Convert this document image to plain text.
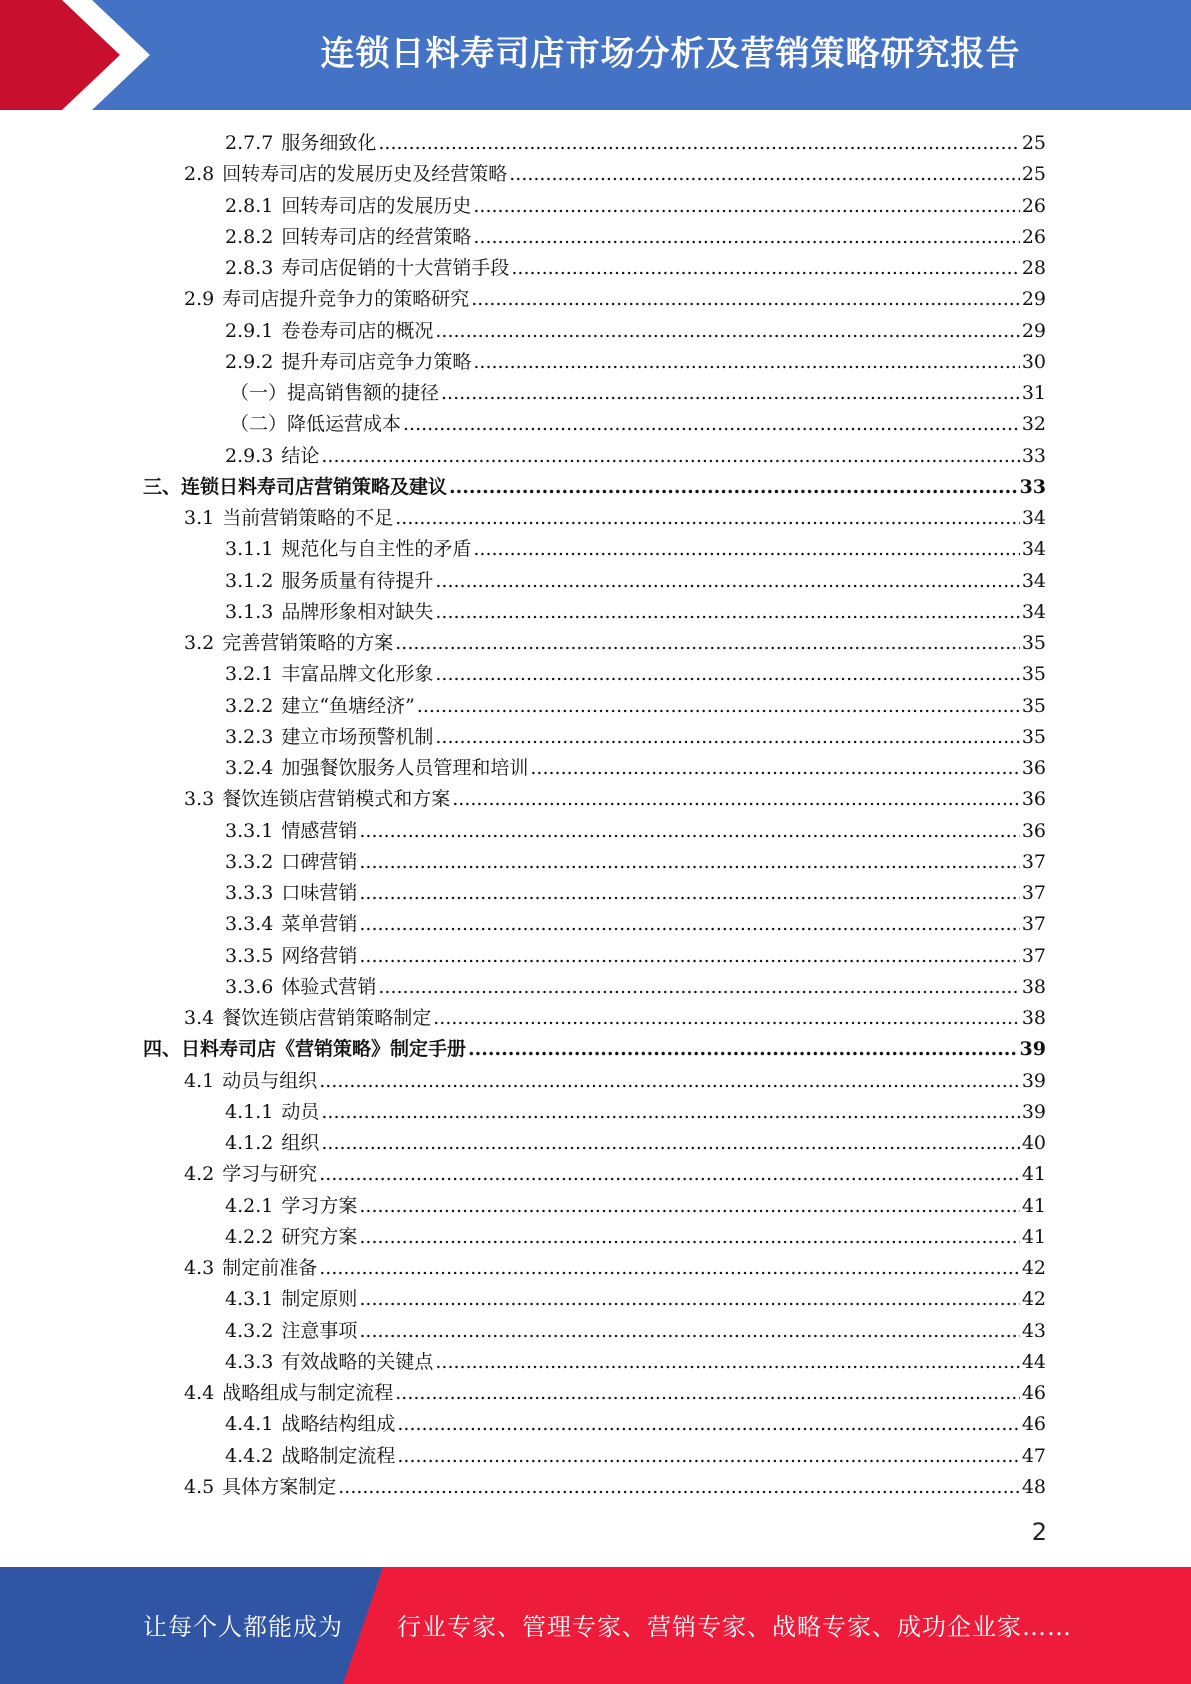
连锁日料寿司店市场分析及营销策略研究报告
2.7.7 服务细致化 .....	25
2.8 回转寿司店的发展历史及经营策略 .....	25
2.8.1 回转寿司店的发展历史 .....	26
2.8.2 回转寿司店的经营策略 .....	26
2.8.3 寿司店促销的十大营销手段 .....	28
2.9 寿司店提升竞争力的策略研究 .....	29
2.9.1 卷卷寿司店的概况 .....	29
2.9.2 提升寿司店竞争力策略 .....	30
（一）提高销售额的捷径 .....	31
（二）降低运营成本 .....	32
2.9.3 结论 .....	33
三、连锁日料寿司店营销策略及建议 .....	33
3.1 当前营销策略的不足 .....	34
3.1.1 规范化与自主性的矛盾 .....	34
3.1.2 服务质量有待提升 .....	34
3.1.3 品牌形象相对缺失 .....	34
3.2 完善营销策略的方案 .....	35
3.2.1 丰富品牌文化形象 .....	35
3.2.2 建立“鱼塘经济” .....	35
3.2.3 建立市场预警机制 .....	35
3.2.4 加强餐饮服务人员管理和培训 .....	36
3.3 餐饮连锁店营销模式和方案 .....	36
3.3.1 情感营销 .....	36
3.3.2 口碑营销 .....	37
3.3.3 口味营销 .....	37
3.3.4 菜单营销 .....	37
3.3.5 网络营销 .....	37
3.3.6 体验式营销 .....	38
3.4 餐饮连锁店营销策略制定 .....	38
四、日料寿司店《营销策略》制定手册 .....	39
4.1 动员与组织 .....	39
4.1.1 动员 .....	39
4.1.2 组织 .....	40
4.2 学习与研究 .....	41
4.2.1 学习方案 .....	41
4.2.2 研究方案 .....	41
4.3 制定前准备 .....	42
4.3.1 制定原则 .....	42
4.3.2 注意事项 .....	43
4.3.3 有效战略的关键点 .....	44
4.4 战略组成与制定流程 .....	46
4.4.1 战略结构组成 .....	46
4.4.2 战略制定流程 .....	47
4.5 具体方案制定 .....	48
2
让每个人都能成为 行业专家、管理专家、营销专家、战略专家、成功企业家……
